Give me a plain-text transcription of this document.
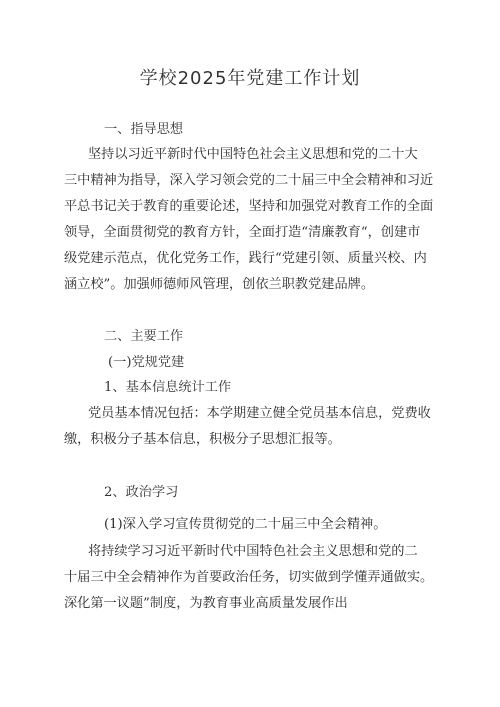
学校2025年党建工作计划
一、指导思想
坚持以习近平新时代中国特色社会主义思想和党的二十大
三中精神为指导，深入学习领会党的二十届三中全会精神和习近
平总书记关于教育的重要论述，坚持和加强党对教育工作的全面
领导，全面贯彻党的教育方针，全面打造“清廉教育“，创建市
级党建示范点，优化党务工作，践行“党建引领、质量兴校、内
涵立校”。加强师德师风管理，创依兰职教党建品牌。
二、主要工作
(一)党规党建
1、基本信息统计工作
党员基本情况包括：本学期建立健全党员基本信息，党费收
缴，积极分子基本信息，积极分子思想汇报等。
2、政治学习
(1)深入学习宣传贯彻党的二十届三中全会精神。
将持续学习习近平新时代中国特色社会主义思想和党的二
十届三中全会精神作为首要政治任务，切实做到学懂弄通做实。
深化第一议题”制度，为教育事业高质量发展作出
